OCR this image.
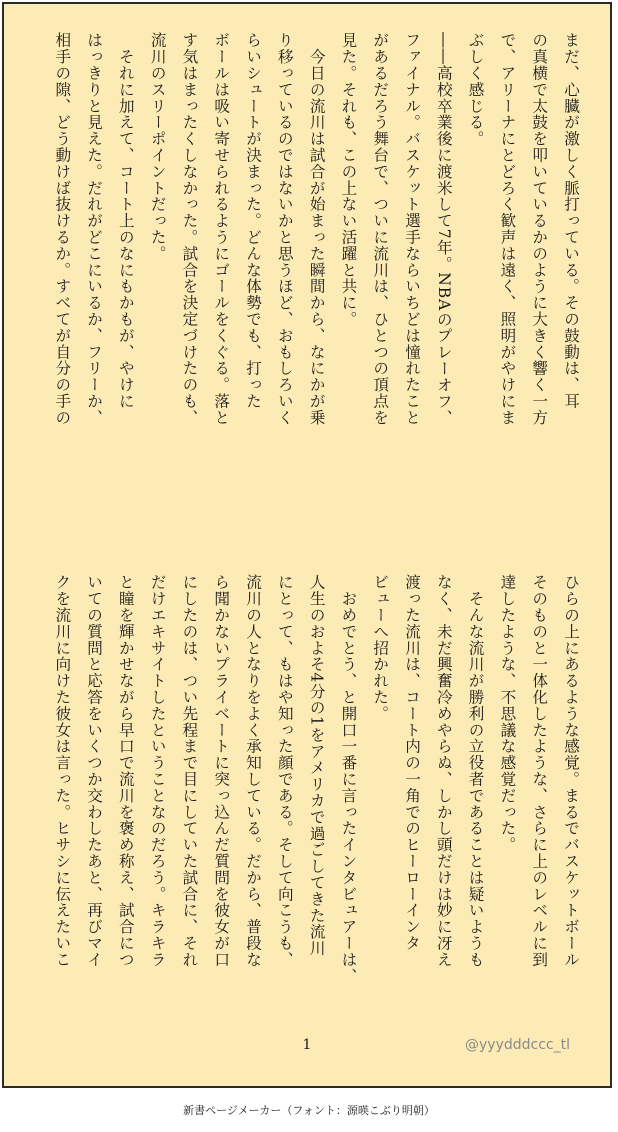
まだ、心臓が激しく脈打っている。その鼓動は、耳
の真横で太鼓を叩いているかのように大きく響く一方
で、アリーナにとどろく歓声は遠く、照明がやけにま
ぶしく感じる。
――高校卒業後に渡米して7年。NBAのプレーオフ、
ファイナル。バスケット選手ならいちどは憧れたこと
があるだろう舞台で、ついに流川は、ひとつの頂点を
見た。それも、この上ない活躍と共に。
　今日の流川は試合が始まった瞬間から、なにかが乗
り移っているのではないかと思うほど、おもしろいく
らいシュートが決まった。どんな体勢でも、打った
ボールは吸い寄せられるようにゴールをくぐる。落と
す気はまったくしなかった。試合を決定づけたのも、
流川のスリーポイントだった。
　それに加えて、コート上のなにもかもが、やけに
はっきりと見えた。だれがどこにいるか、フリーか、
相手の隙、どう動けば抜けるか。すべてが自分の手の
ひらの上にあるような感覚。まるでバスケットボール
そのものと一体化したような、さらに上のレベルに到
達したような、不思議な感覚だった。
　そんな流川が勝利の立役者であることは疑いようも
なく、未だ興奮冷めやらぬ、しかし頭だけは妙に冴え
渡った流川は、コート内の一角でのヒーローインタ
ビューへ招かれた。
　おめでとう、と開口一番に言ったインタビュアーは、
人生のおよそ4分の1をアメリカで過ごしてきた流川
にとって、もはや知った顔である。そして向こうも、
流川の人となりをよく承知している。だから、普段な
ら聞かないプライベートに突っ込んだ質問を彼女が口
にしたのは、つい先程まで目にしていた試合に、それ
だけエキサイトしたということなのだろう。キラキラ
と瞳を輝かせながら早口で流川を褒め称え、試合につ
いての質問と応答をいくつか交わしたあと、再びマイ
クを流川に向けた彼女は言った。ヒサシに伝えたいこ
1	@yyydddccc_tl
新書ページメーカー（フォント：源暎こぶり明朝）
